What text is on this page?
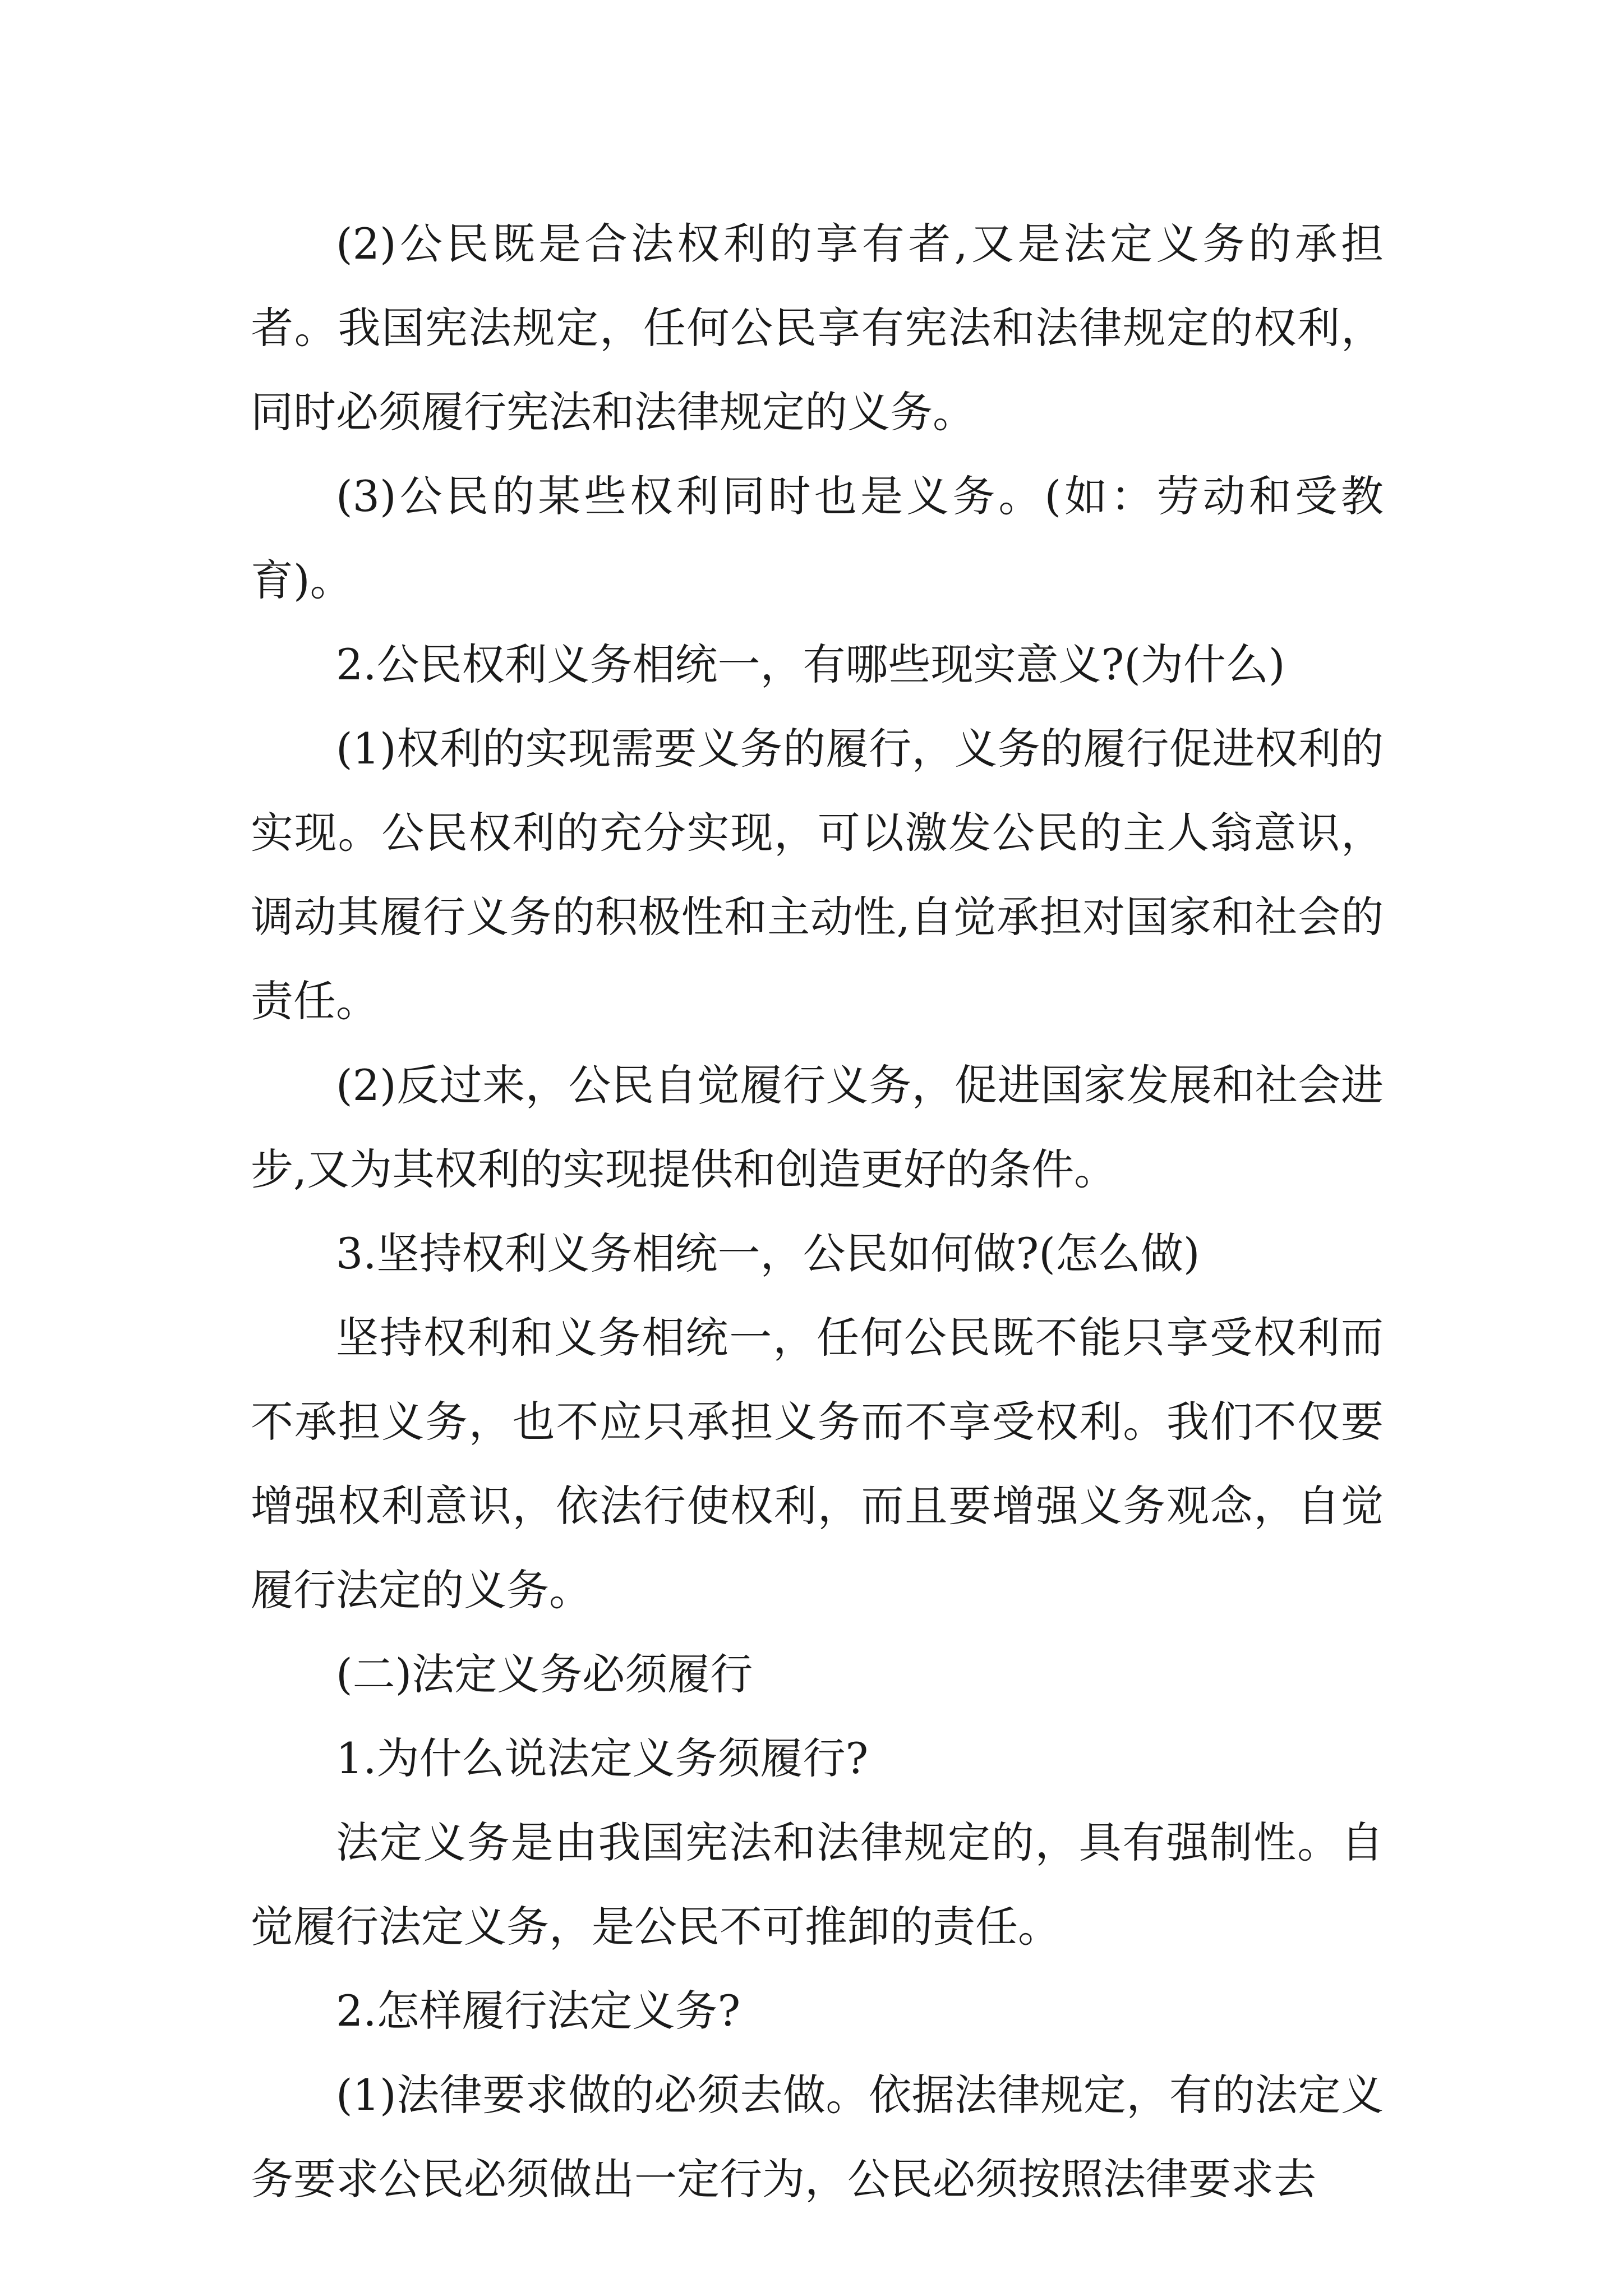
(2)公民既是合法权利的享有者,又是法定义务的承担者。我国宪法规定，任何公民享有宪法和法律规定的权利，同时必须履行宪法和法律规定的义务。

(3)公民的某些权利同时也是义务。(如：劳动和受教育)。

2.公民权利义务相统一，有哪些现实意义?(为什么)

(1)权利的实现需要义务的履行，义务的履行促进权利的实现。公民权利的充分实现，可以激发公民的主人翁意识，调动其履行义务的积极性和主动性,自觉承担对国家和社会的责任。

(2)反过来，公民自觉履行义务，促进国家发展和社会进步,又为其权利的实现提供和创造更好的条件。

3.坚持权利义务相统一，公民如何做?(怎么做)

坚持权利和义务相统一，任何公民既不能只享受权利而不承担义务，也不应只承担义务而不享受权利。我们不仅要增强权利意识，依法行使权利，而且要增强义务观念，自觉履行法定的义务。

(二)法定义务必须履行

1.为什么说法定义务须履行?

法定义务是由我国宪法和法律规定的，具有强制性。自觉履行法定义务，是公民不可推卸的责任。

2.怎样履行法定义务?

(1)法律要求做的必须去做。依据法律规定，有的法定义务要求公民必须做出一定行为，公民必须按照法律要求去
